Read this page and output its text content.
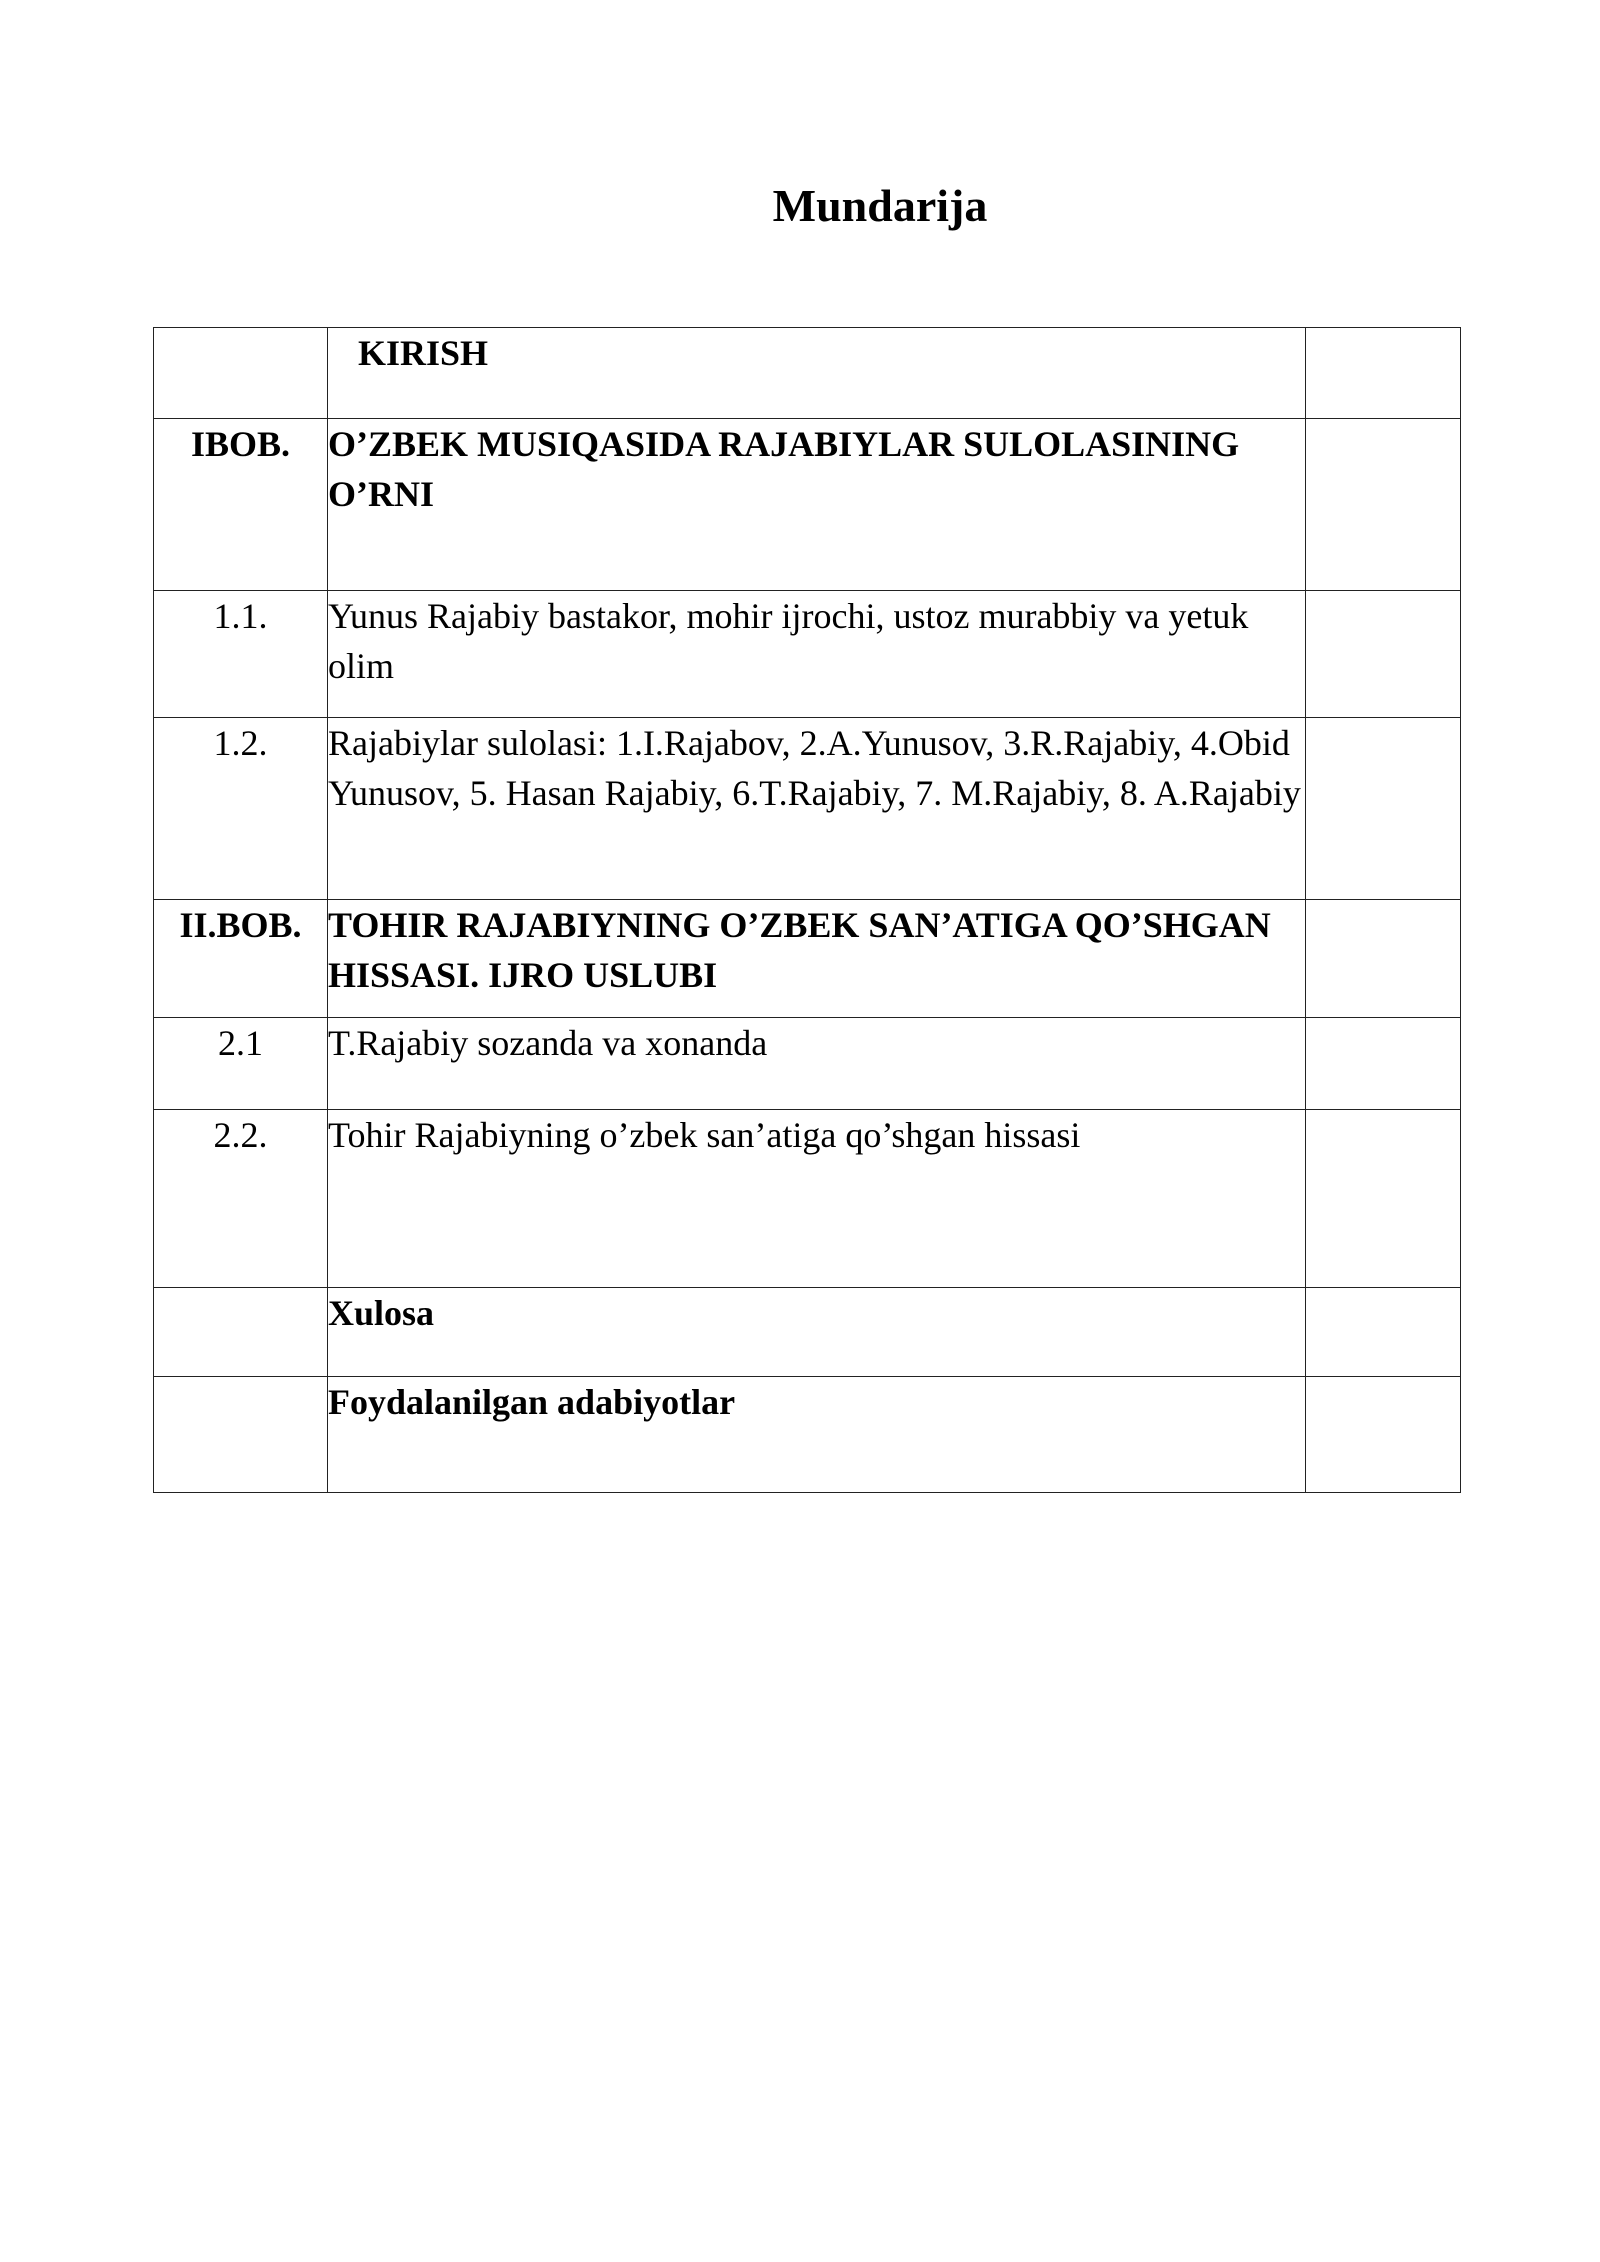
Mundarija
	KIRISH	
IBOB.	O’ZBEK MUSIQASIDA RAJABIYLAR SULOLASINING O’RNI	
1.1.	Yunus Rajabiy bastakor, mohir ijrochi, ustoz murabbiy va yetuk olim	
1.2.	Rajabiylar sulolasi: 1.I.Rajabov, 2.A.Yunusov, 3.R.Rajabiy, 4.Obid Yunusov, 5. Hasan Rajabiy, 6.T.Rajabiy, 7. M.Rajabiy, 8. A.Rajabiy	
II.BOB.	TOHIR RAJABIYNING O’ZBEK SAN’ATIGA QO’SHGAN HISSASI. IJRO USLUBI	
2.1	T.Rajabiy sozanda va xonanda	
2.2.	Tohir Rajabiyning o’zbek san’atiga qo’shgan hissasi	
	Xulosa	
	Foydalanilgan adabiyotlar	
